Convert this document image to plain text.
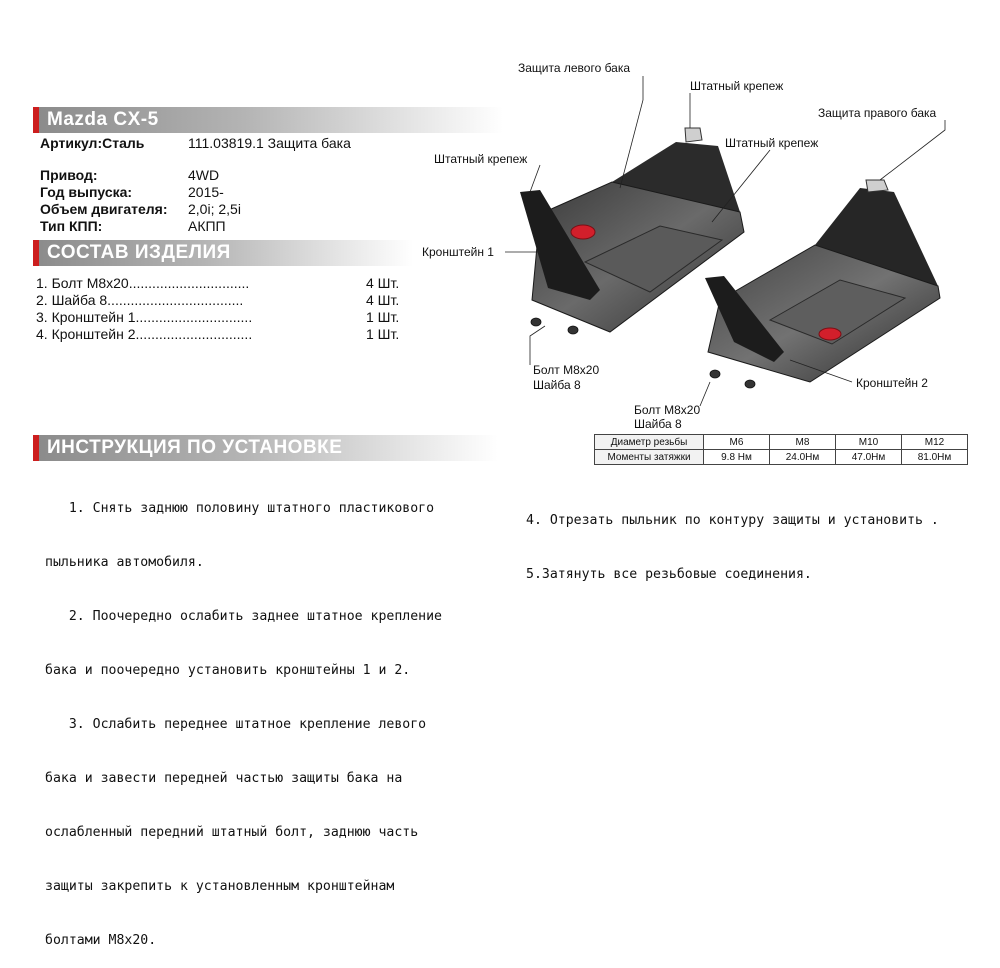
Mazda CX-5
Артикул:Сталь	111.03819.1 Защита бака
Привод:	4WD
Год выпуска:	2015-
Объем двигателя: 2,0i; 2,5i
Тип КПП:	АКПП
СОСТАВ ИЗДЕЛИЯ
1. Болт М8х20...............................	4 Шт.
2. Шайба 8...................................	4 Шт.
3. Кронштейн 1..............................	1 Шт.
4. Кронштейн 2..............................	1 Шт.
ИНСТРУКЦИЯ ПО УСТАНОВКЕ

1. Снять заднюю половину штатного пластикового

пыльника автомобиля.

2. Поочередно ослабить заднее штатное крепление

бака и поочередно установить кронштейны 1 и 2.

3. Ослабить переднее штатное крепление левого

бака и завести передней частью защиты бака на

ослабленный передний штатный болт, заднюю часть

защиты закрепить к установленным кронштейнам

болтами М8х20.

4. Отрезать пыльник по контуру защиты и установить .

5.Затянуть все резьбовые соединения.

Диаметр резьбы	М6	М8	М10	М12
Моменты затяжки	9.8 Нм	24.0Нм	47.0Нм	81.0Нм
Защита левого бака
Штатный крепеж
Штатный крепеж
Штатный крепеж
Защита правого бака
Кронштейн 1
Кронштейн 2
Болт М8х20
Шайба 8
Болт М8х20
Шайба 8
